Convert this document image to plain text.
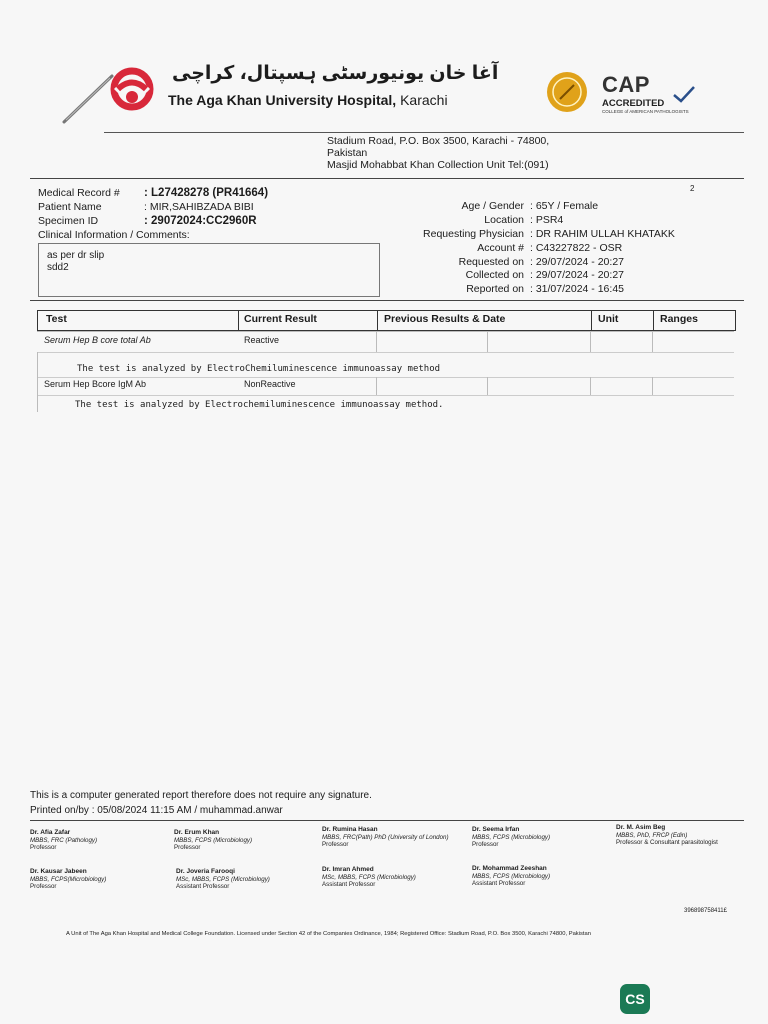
آغا خان یونیورسٹی ہسپتال، کراچی
The Aga Khan University Hospital, Karachi
CAP
ACCREDITED
COLLEGE of AMERICAN PATHOLOGISTS
Stadium Road, P.O. Box 3500, Karachi - 74800,
Pakistan
Masjid Mohabbat Khan Collection Unit Tel:(091)
2
Medical Record # : L27428278 (PR41664)
Patient Name	: MIR,SAHIBZADA BIBI
Specimen ID	: 29072024:CC2960R
Clinical Information / Comments:
as per dr slip
sdd2
Age / Gender : 65Y / Female
Location : PSR4
Requesting Physician : DR RAHIM ULLAH KHATAKK
Account # : C43227822 - OSR
Requested on : 29/07/2024 - 20:27
Collected on : 29/07/2024 - 20:27
Reported on : 31/07/2024 - 16:45
Test	Current Result	Previous Results & Date	Unit	Ranges
Serum Hep B core total Ab	Reactive
The test is analyzed by ElectroChemiluminescence immunoassay method
Serum Hep Bcore IgM Ab	NonReactive
The test is analyzed by Electrochemiluminescence immunoassay method.
This is a computer generated report therefore does not require any signature.
Printed on/by : 05/08/2024 11:15 AM / muhammad.anwar
Dr. Afia Zafar
MBBS, FRC (Pathology)
Professor
Dr. Erum Khan
MBBS, FCPS (Microbiology)
Professor
Dr. Rumina Hasan
MBBS, FRC(Path) PhD (University of London)
Professor
Dr. Seema Irfan
MBBS, FCPS (Microbiology)
Professor
Dr. M. Asim Beg
MBBS, PhD, FRCP (Edin)
Professor & Consultant parasitologist
Dr. Kausar Jabeen
MBBS, FCPS(Microbiology)
Professor
Dr. Joveria Farooqi
MSc, MBBS, FCPS (Microbiology)
Assistant Professor
Dr. Imran Ahmed
MSc, MBBS, FCPS (Microbiology)
Assistant Professor
Dr. Mohammad Zeeshan
MBBS, FCPS (Microbiology)
Assistant Professor
396898758411£
A Unit of The Aga Khan Hospital and Medical College Foundation. Licensed under Section 42 of the Companies Ordinance, 1984; Registered Office: Stadium Road, P.O. Box 3500, Karachi 74800, Pakistan
CS
